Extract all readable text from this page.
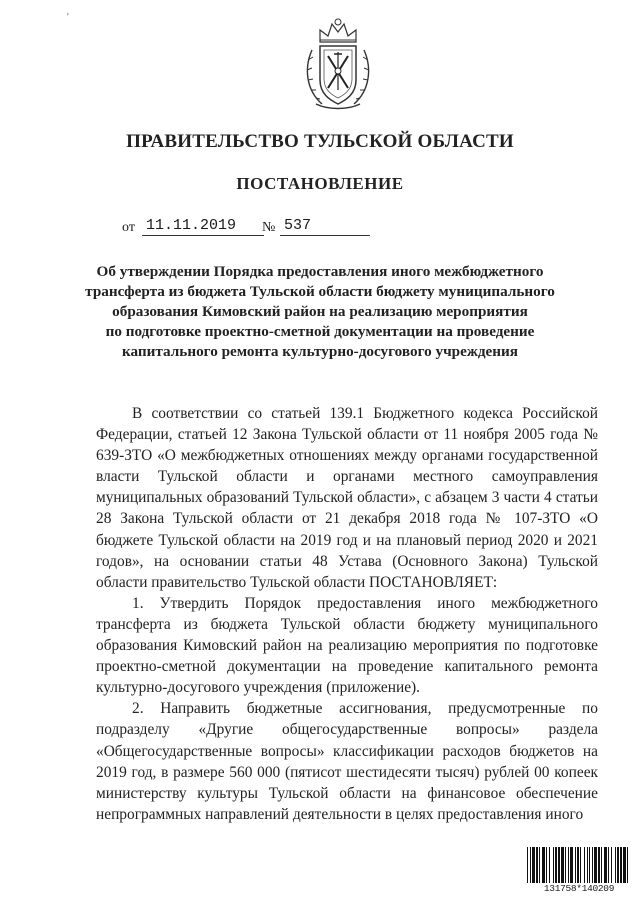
'
ПРАВИТЕЛЬСТВО ТУЛЬСКОЙ ОБЛАСТИ
ПОСТАНОВЛЕНИЕ
от 11.11.2019	№ 537
Об утверждении Порядка предоставления иного межбюджетного
трансферта из бюджета Тульской области бюджету муниципального
образования Кимовский район на реализацию мероприятия
по подготовке проектно-сметной документации на проведение
капитального ремонта культурно-досугового учреждения

В соответствии со статьей 139.1 Бюджетного кодекса Российской Федерации, статьей 12 Закона Тульской области от 11 ноября 2005 года № 639-ЗТО «О межбюджетных отношениях между органами государственной власти Тульской области и органами местного самоуправления муниципальных образований Тульской области», с абзацем 3 части 4 статьи 28 Закона Тульской области от 21 декабря 2018 года № 107-ЗТО «О бюджете Тульской области на 2019 год и на плановый период 2020 и 2021 годов», на основании статьи 48 Устава (Основного Закона) Тульской области правительство Тульской области ПОСТАНОВЛЯЕТ:

1. Утвердить Порядок предоставления иного межбюджетного трансферта из бюджета Тульской области бюджету муниципального образования Кимовский район на реализацию мероприятия по подготовке проектно-сметной документации на проведение капитального ремонта культурно-досугового учреждения (приложение).

2. Направить бюджетные ассигнования, предусмотренные по подразделу «Другие общегосударственные вопросы» раздела «Общегосударственные вопросы» классификации расходов бюджетов на 2019 год, в размере 560 000 (пятисот шестидесяти тысяч) рублей 00 копеек министерству культуры Тульской области на финансовое обеспечение непрограммных направлений деятельности в целях предоставления иного

131758*140209
